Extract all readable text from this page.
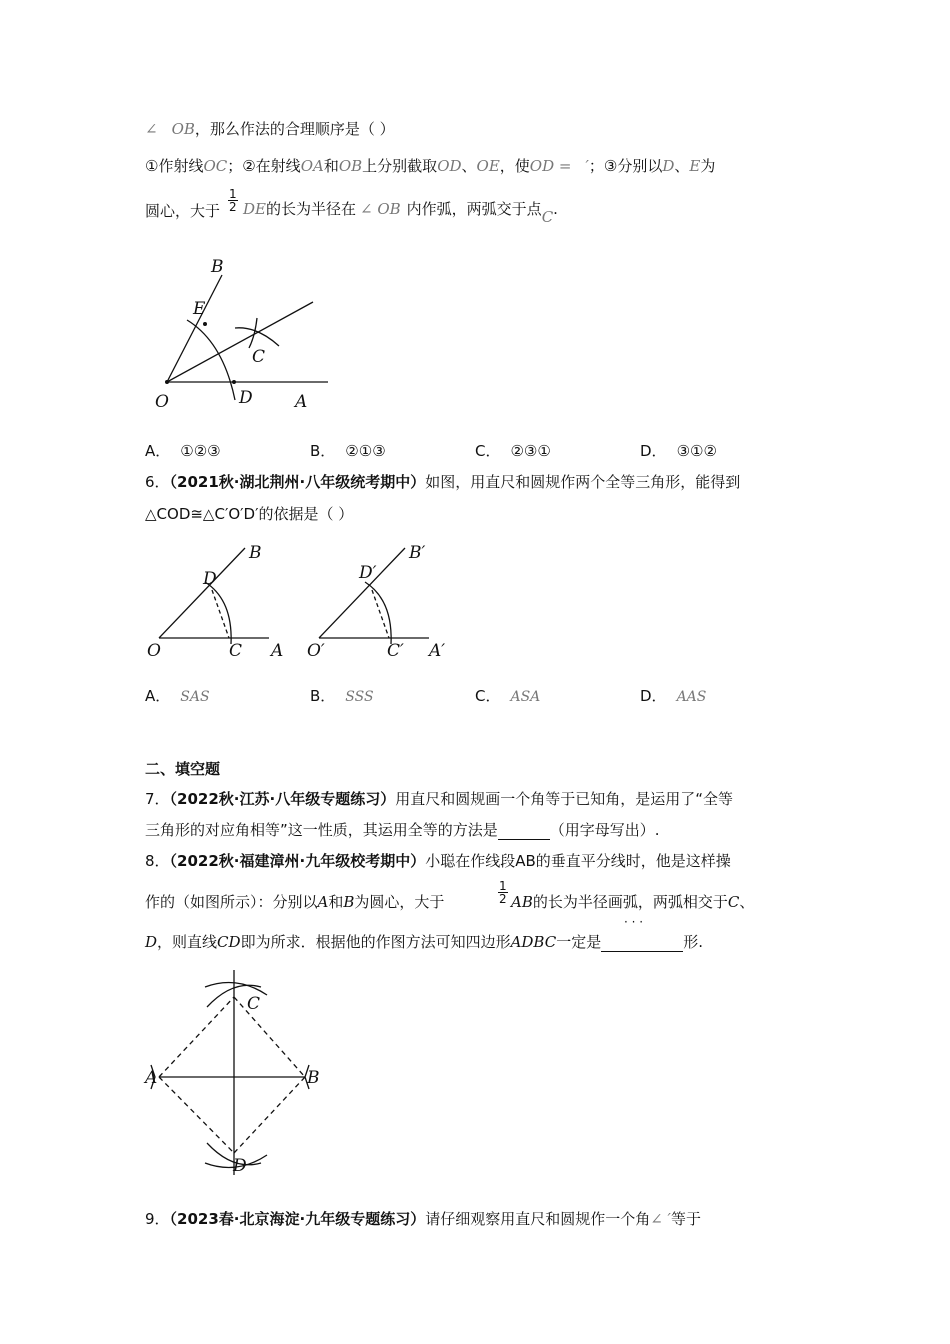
∠ OB，那么作法的合理顺序是（ ）
①作射线OC；②在射线OA和OB上分别截取OD、OE，使OD = ′；③分别以D、E为
圆心，大于 $\frac{1}{2}$ DE的长为半径在 ∠ OB 内作弧，两弧交于点C.
B
E
C
O	D A
A． ①②③	B． ②①③	C． ②③①	D． ③①②
6．（2021秋·湖北荆州·八年级统考期中）如图，用直尺和圆规作两个全等三角形，能得到
△COD≅△C′O′D′的依据是（ ）
B
D
O	C A
B′
D′
O′	C′ A′
A． SAS	B． SSS	C． ASA	D． AAS
二、填空题
7．（2022秋·江苏·八年级专题练习）用直尺和圆规画一个角等于已知角，是运用了“全等
三角形的对应角相等”这一性质，其运用全等的方法是	（用字母写出）.
8．（2022秋·福建漳州·九年级校考期中）小聪在作线段AB的垂直平分线时，他是这样操
作的（如图所示）：分别以A和B为圆心，大于	$\frac{1}{2}$ AB的长为半径画弧，两弧相交于C、
· · ·
D，则直线CD即为所求．根据他的作图方法可知四边形ADBC一定是	形.
C
A	B
D
9．（2023春·北京海淀·九年级专题练习）请仔细观察用直尺和圆规作一个角∠ ′等于
